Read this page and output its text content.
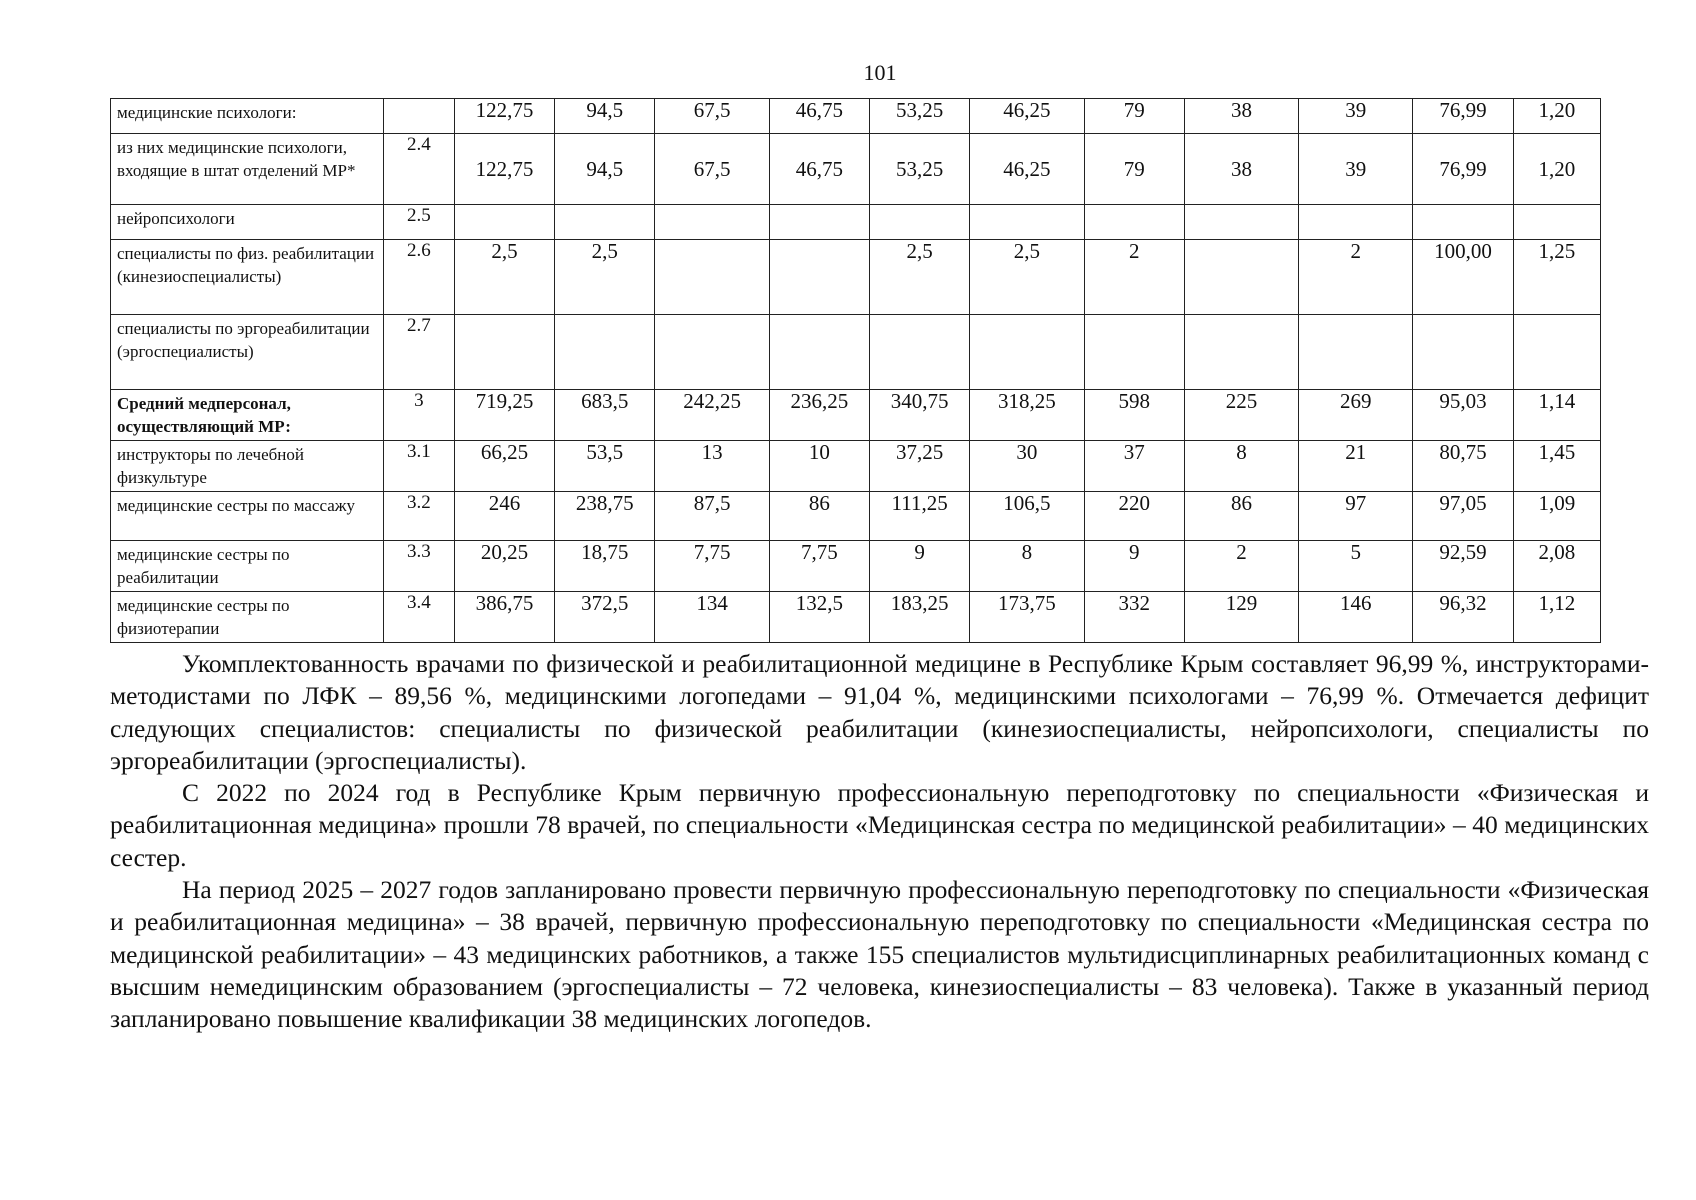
101
медицинские психологи:		122,75	94,5	67,5	46,75	53,25	46,25	79	38	39	76,99	1,20
из них медицинские психологи, входящие в штат отделений МР*	2.4	122,75	94,5	67,5	46,75	53,25	46,25	79	38	39	76,99	1,20
нейропсихологи	2.5											
специалисты по физ. реабилитации (кинезиоспециалисты)	2.6	2,5	2,5			2,5	2,5	2		2	100,00	1,25
специалисты по эргореабилитации (эргоспециалисты)	2.7											
Средний медперсонал, осуществляющий МР:	3	719,25	683,5	242,25	236,25	340,75	318,25	598	225	269	95,03	1,14
инструкторы по лечебной физкультуре	3.1	66,25	53,5	13	10	37,25	30	37	8	21	80,75	1,45
медицинские сестры по массажу	3.2	246	238,75	87,5	86	111,25	106,5	220	86	97	97,05	1,09
медицинские сестры по реабилитации	3.3	20,25	18,75	7,75	7,75	9	8	9	2	5	92,59	2,08
медицинские сестры по физиотерапии	3.4	386,75	372,5	134	132,5	183,25	173,75	332	129	146	96,32	1,12

Укомплектованность врачами по физической и реабилитационной медицине в Республике Крым составляет 96,99 %, инструкторами-методистами по ЛФК – 89,56 %, медицинскими логопедами – 91,04 %, медицинскими психологами – 76,99 %. Отмечается дефицит следующих специалистов: специалисты по физической реабилитации (кинезиоспециалисты, нейропсихологи, специалисты по эргореабилитации (эргоспециалисты).

С 2022 по 2024 год в Республике Крым первичную профессиональную переподготовку по специальности «Физическая и реабилитационная медицина» прошли 78 врачей, по специальности «Медицинская сестра по медицинской реабилитации» – 40 медицинских сестер.

На период 2025 – 2027 годов запланировано провести первичную профессиональную переподготовку по специальности «Физическая и реабилитационная медицина» – 38 врачей, первичную профессиональную переподготовку по специальности «Медицинская сестра по медицинской реабилитации» – 43 медицинских работников, а также 155 специалистов мультидисциплинарных реабилитационных команд с высшим немедицинским образованием (эргоспециалисты – 72 человека, кинезиоспециалисты – 83 человека). Также в указанный период запланировано повышение квалификации 38 медицинских логопедов.
